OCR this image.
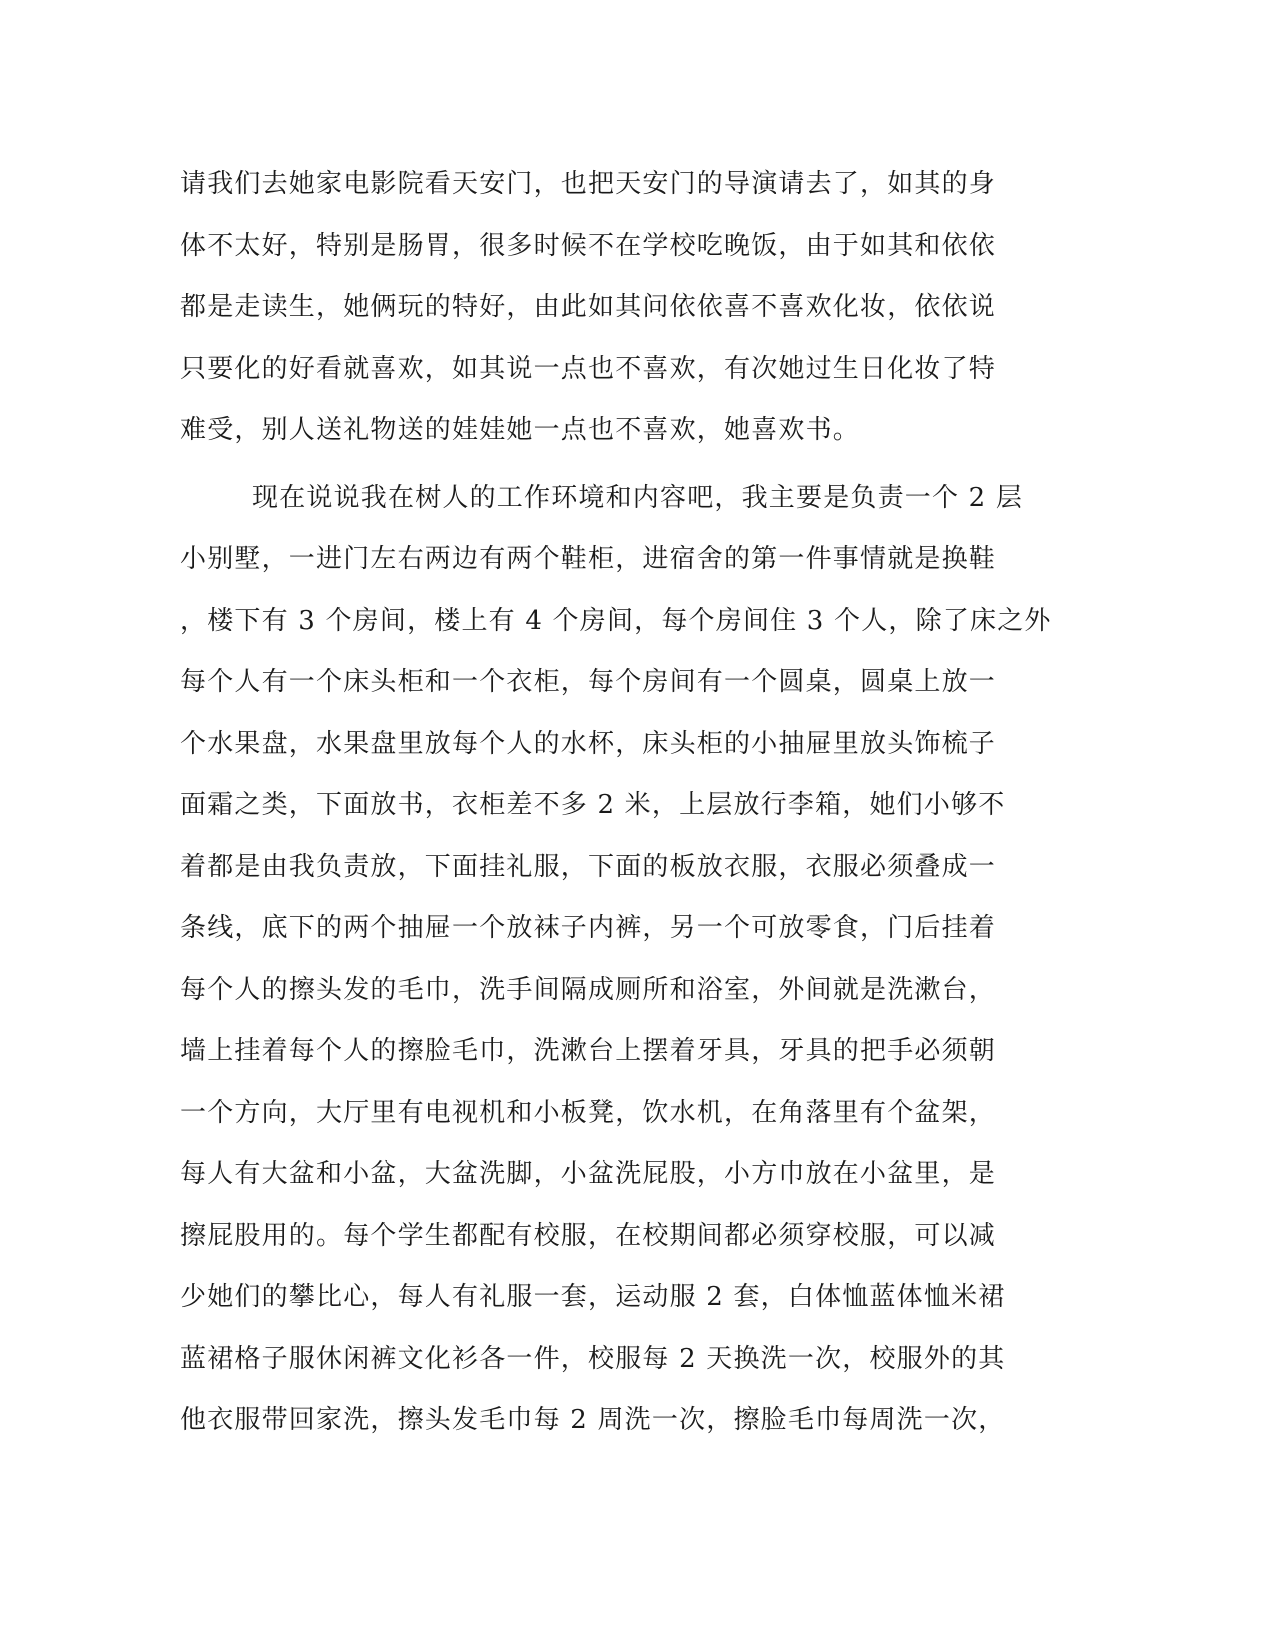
请我们去她家电影院看天安门，也把天安门的导演请去了，如其的身
体不太好，特别是肠胃，很多时候不在学校吃晚饭，由于如其和依依
都是走读生，她俩玩的特好，由此如其问依依喜不喜欢化妆，依依说
只要化的好看就喜欢，如其说一点也不喜欢，有次她过生日化妆了特
难受，别人送礼物送的娃娃她一点也不喜欢，她喜欢书。
现在说说我在树人的工作环境和内容吧，我主要是负责一个 2 层
小别墅，一进门左右两边有两个鞋柜，进宿舍的第一件事情就是换鞋
，楼下有 3 个房间，楼上有 4 个房间，每个房间住 3 个人，除了床之外
每个人有一个床头柜和一个衣柜，每个房间有一个圆桌，圆桌上放一
个水果盘，水果盘里放每个人的水杯，床头柜的小抽屉里放头饰梳子
面霜之类，下面放书，衣柜差不多 2 米，上层放行李箱，她们小够不
着都是由我负责放，下面挂礼服，下面的板放衣服，衣服必须叠成一
条线，底下的两个抽屉一个放袜子内裤，另一个可放零食，门后挂着
每个人的擦头发的毛巾，洗手间隔成厕所和浴室，外间就是洗漱台，
墙上挂着每个人的擦脸毛巾，洗漱台上摆着牙具，牙具的把手必须朝
一个方向，大厅里有电视机和小板凳，饮水机，在角落里有个盆架，
每人有大盆和小盆，大盆洗脚，小盆洗屁股，小方巾放在小盆里，是
擦屁股用的。每个学生都配有校服，在校期间都必须穿校服，可以减
少她们的攀比心，每人有礼服一套，运动服 2 套，白体恤蓝体恤米裙
蓝裙格子服休闲裤文化衫各一件，校服每 2 天换洗一次，校服外的其
他衣服带回家洗，擦头发毛巾每 2 周洗一次，擦脸毛巾每周洗一次，
